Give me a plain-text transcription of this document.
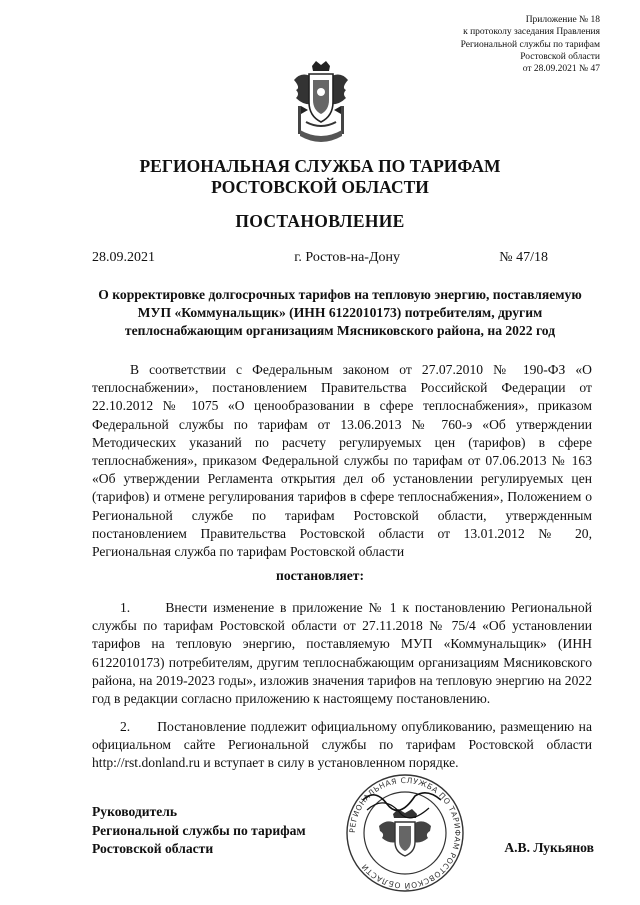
Приложение № 18
к протоколу заседания Правления
Региональной службы по тарифам
Ростовской области
от 28.09.2021 № 47
РЕГИОНАЛЬНАЯ СЛУЖБА ПО ТАРИФАМ
РОСТОВСКОЙ ОБЛАСТИ
ПОСТАНОВЛЕНИЕ
28.09.2021	г. Ростов-на-Дону	№ 47/18
О корректировке долгосрочных тарифов на тепловую энергию, поставляемую МУП «Коммунальщик» (ИНН 6122010173) потребителям, другим теплоснабжающим организациям Мясниковского района, на 2022 год
В соответствии с Федеральным законом от 27.07.2010 № 190-ФЗ «О теплоснабжении», постановлением Правительства Российской Федерации от 22.10.2012 № 1075 «О ценообразовании в сфере теплоснабжения», приказом Федеральной службы по тарифам от 13.06.2013 № 760-э «Об утверждении Методических указаний по расчету регулируемых цен (тарифов) в сфере теплоснабжения», приказом Федеральной службы по тарифам от 07.06.2013 № 163 «Об утверждении Регламента открытия дел об установлении регулируемых цен (тарифов) и отмене регулирования тарифов в сфере теплоснабжения», Положением о Региональной службе по тарифам Ростовской области, утвержденным постановлением Правительства Ростовской области от 13.01.2012 № 20, Региональная служба по тарифам Ростовской области
постановляет:
1.      Внести изменение в приложение № 1 к постановлению Региональной службы по тарифам Ростовской области от 27.11.2018 № 75/4 «Об установлении тарифов на тепловую энергию, поставляемую МУП «Коммунальщик» (ИНН 6122010173) потребителям, другим теплоснабжающим организациям Мясниковского района, на 2019-2023 годы», изложив значения тарифов на тепловую энергию на 2022 год в редакции согласно приложению к настоящему постановлению.
2.      Постановление подлежит официальному опубликованию, размещению на официальном сайте Региональной службы по тарифам Ростовской области http://rst.donland.ru и вступает в силу в установленном порядке.
Руководитель
Региональной службы по тарифам
Ростовской области
РЕГИОНАЛЬНАЯ СЛУЖБА ПО ТАРИФАМ РОСТОВСКОЙ ОБЛАСТИ
А.В. Лукьянов
